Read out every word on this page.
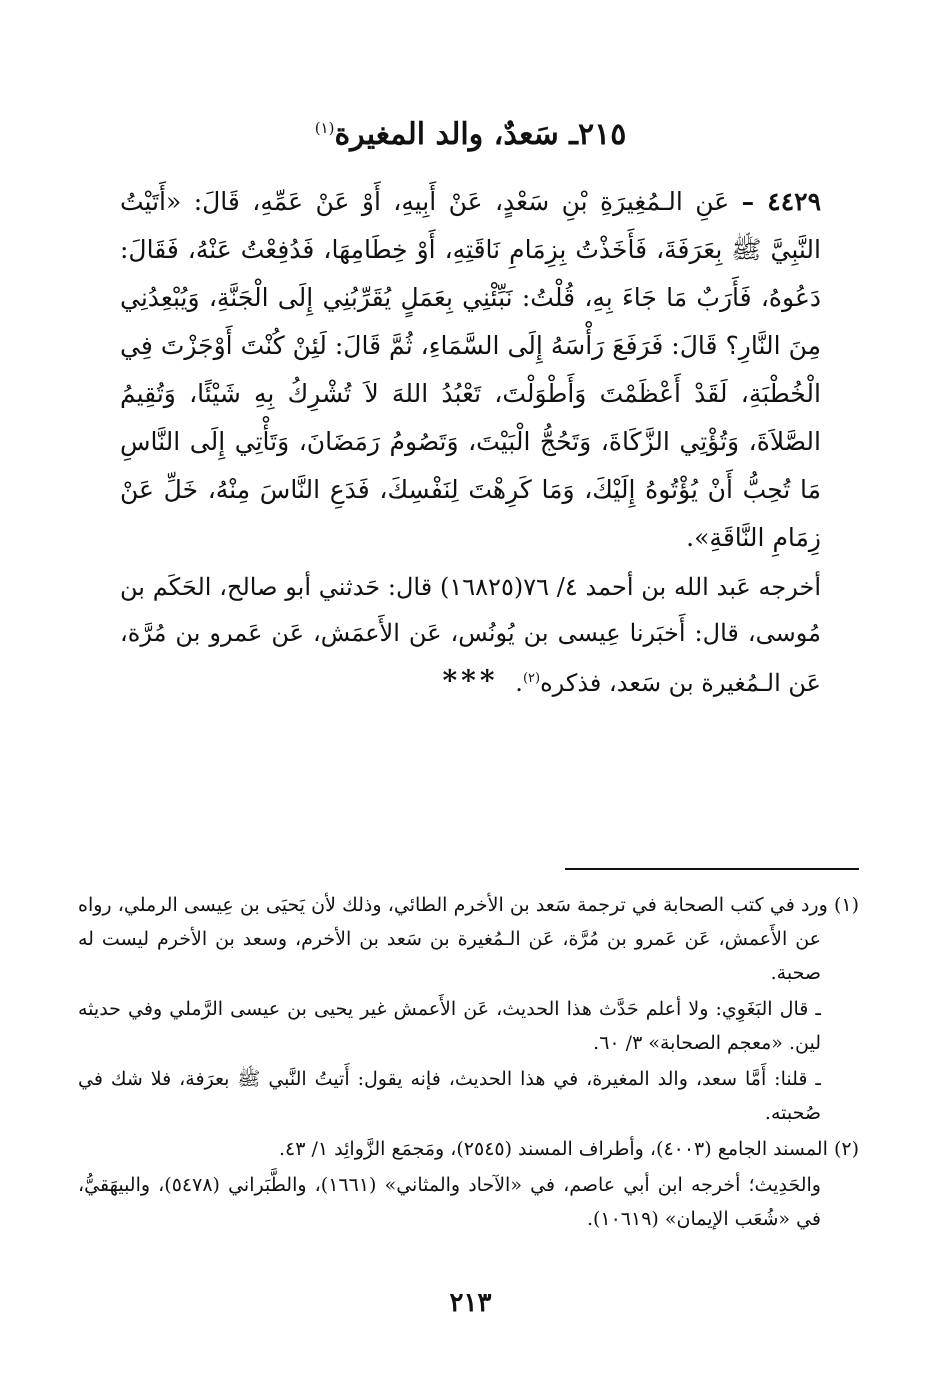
٢١٥ـ سَعدٌ، والد المغيرة$^{(١)}$

٤٤٢٩ – عَنِ الـمُغِيرَةِ بْنِ سَعْدٍ، عَنْ أَبِيهِ، أَوْ عَنْ عَمِّهِ، قَالَ: «أَتَيْتُ النَّبِيَّ ﷺ بِعَرَفَةَ، فَأَخَذْتُ بِزِمَامِ نَاقَتِهِ، أَوْ خِطَامِهَا، فَدُفِعْتُ عَنْهُ، فَقَالَ: دَعُوهُ، فَأَرَبٌ مَا جَاءَ بِهِ، قُلْتُ: نَبِّئْنِي بِعَمَلٍ يُقَرِّبُنِي إِلَى الْجَنَّةِ، وَيُبْعِدُنِي مِنَ النَّارِ؟ قَالَ: فَرَفَعَ رَأْسَهُ إِلَى السَّمَاءِ، ثُمَّ قَالَ: لَئِنْ كُنْتَ أَوْجَزْتَ فِي الْخُطْبَةِ، لَقَدْ أَعْظَمْتَ وَأَطْوَلْتَ، تَعْبُدُ اللهَ لاَ تُشْرِكُ بِهِ شَيْئًا، وَتُقِيمُ الصَّلاَةَ، وَتُؤْتِي الزَّكَاةَ، وَتَحُجُّ الْبَيْتَ، وَتَصُومُ رَمَضَانَ، وَتَأْتِي إِلَى النَّاسِ مَا تُحِبُّ أَنْ يُؤْتُوهُ إِلَيْكَ، وَمَا كَرِهْتَ لِنَفْسِكَ، فَدَعِ النَّاسَ مِنْهُ، خَلِّ عَنْ زِمَامِ النَّاقَةِ».

أخرجه عَبد الله بن أحمد ٤/ ٧٦(١٦٨٢٥) قال: حَدثني أبو صالح، الحَكَم بن مُوسى، قال: أَخبَرنا عِيسى بن يُونُس، عَن الأَعمَش، عَن عَمرو بن مُرَّة، عَن الـمُغيرة بن سَعد، فذكره$^{(٢)}$.

***

(١) ورد في كتب الصحابة في ترجمة سَعد بن الأخرم الطائي، وذلك لأن يَحيَى بن عِيسى الرملي، رواه عن الأَعمش، عَن عَمرو بن مُرَّة، عَن الـمُغيرة بن سَعد بن الأخرم، وسعد بن الأخرم ليست له صحبة.

ـ قال البَغَوِي: ولا أعلم حَدَّث هذا الحديث، عَن الأَعمش غير يحيى بن عيسى الرَّملي وفي حديثه لين. «معجم الصحابة» ٣/ ٦٠.

ـ قلنا: أَمَّا سعد، والد المغيرة، في هذا الحديث، فإنه يقول: أَتيتُ النَّبي ﷺ بعرَفة، فلا شك في صُحبته.

(٢) المسند الجامع (٤٠٠٣)، وأطراف المسند (٢٥٤٥)، ومَجمَع الزَّوائِد ١/ ٤٣.

والحَدِيث؛ أخرجه ابن أبي عاصم، في «الآحاد والمثاني» (١٦٦١)، والطَّبَراني (٥٤٧٨)، والبيهَقيُّ، في «شُعَب الإيمان» (١٠٦١٩).

٢١٣
